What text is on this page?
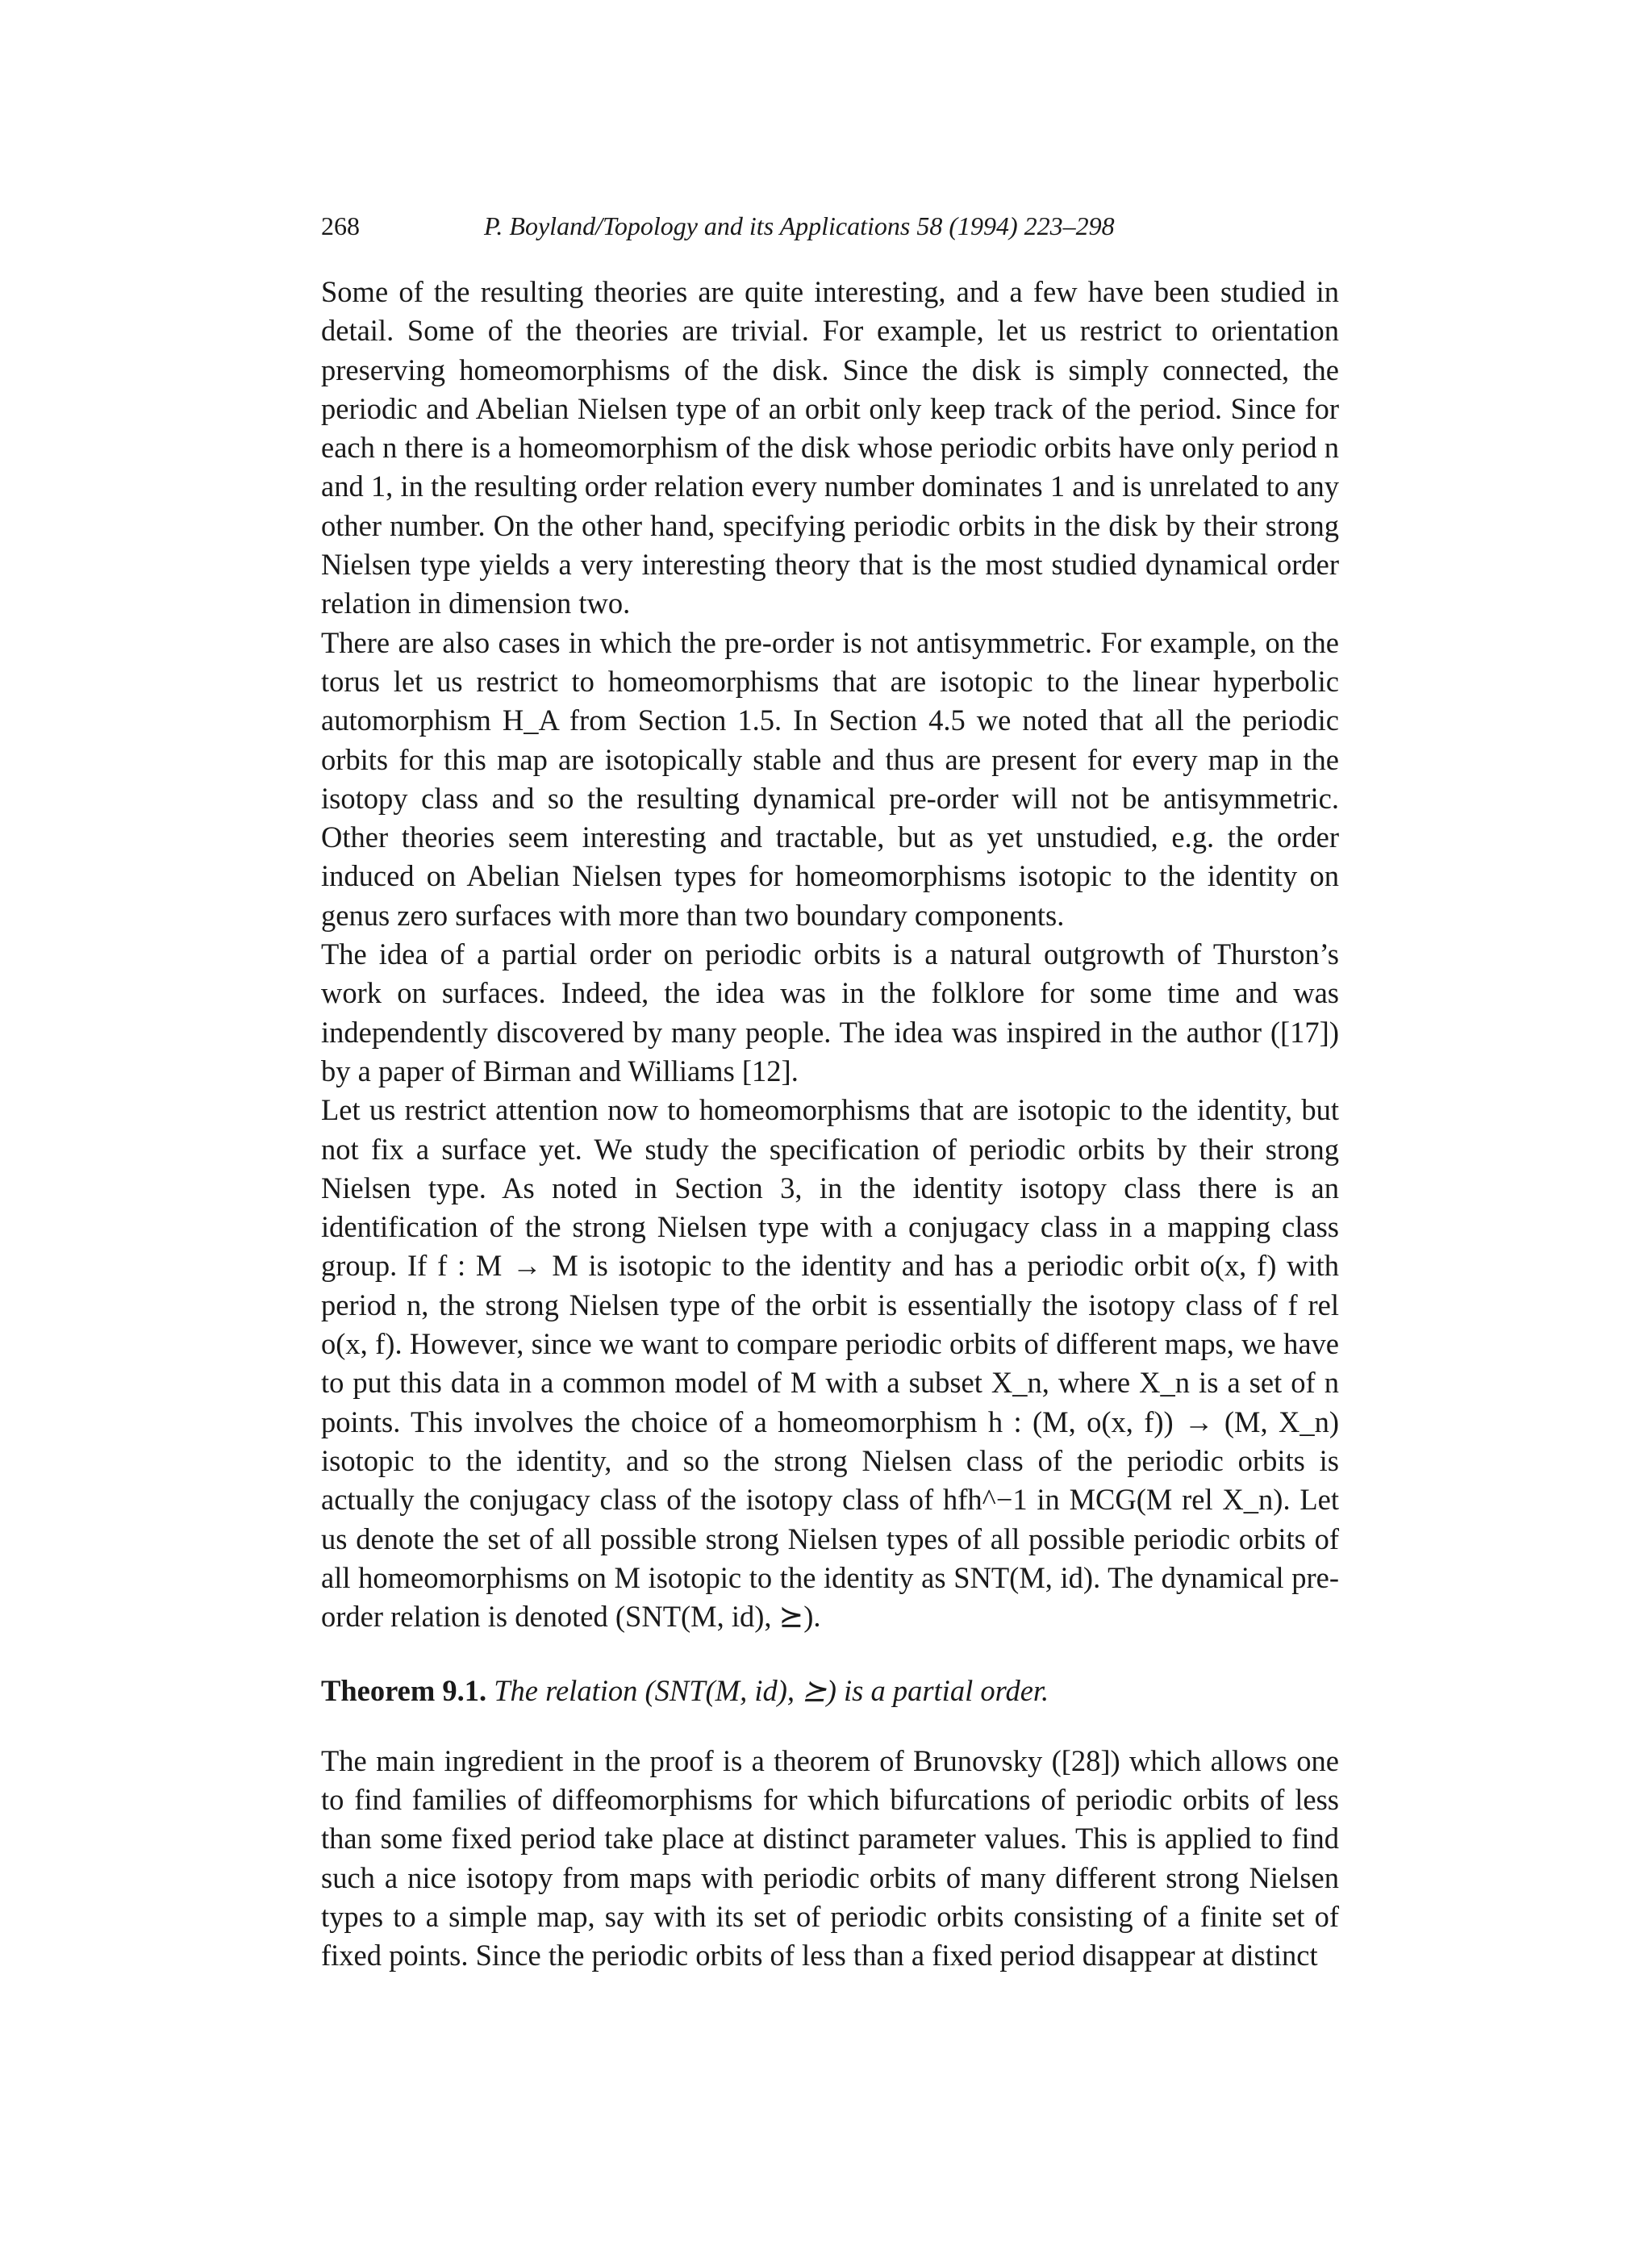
268	P. Boyland/Topology and its Applications 58 (1994) 223–298

Some of the resulting theories are quite interesting, and a few have been studied in detail. Some of the theories are trivial. For example, let us restrict to orientation preserving homeomorphisms of the disk. Since the disk is simply connected, the periodic and Abelian Nielsen type of an orbit only keep track of the period. Since for each n there is a homeomorphism of the disk whose periodic orbits have only period n and 1, in the resulting order relation every number dominates 1 and is unrelated to any other number. On the other hand, specifying periodic orbits in the disk by their strong Nielsen type yields a very interesting theory that is the most studied dynamical order relation in dimension two.

There are also cases in which the pre-order is not antisymmetric. For example, on the torus let us restrict to homeomorphisms that are isotopic to the linear hyperbolic automorphism H_A from Section 1.5. In Section 4.5 we noted that all the periodic orbits for this map are isotopically stable and thus are present for every map in the isotopy class and so the resulting dynamical pre-order will not be antisymmetric. Other theories seem interesting and tractable, but as yet unstudied, e.g. the order induced on Abelian Nielsen types for homeomorphisms isotopic to the identity on genus zero surfaces with more than two boundary components.

The idea of a partial order on periodic orbits is a natural outgrowth of Thurston’s work on surfaces. Indeed, the idea was in the folklore for some time and was independently discovered by many people. The idea was inspired in the author ([17]) by a paper of Birman and Williams [12].

Let us restrict attention now to homeomorphisms that are isotopic to the identity, but not fix a surface yet. We study the specification of periodic orbits by their strong Nielsen type. As noted in Section 3, in the identity isotopy class there is an identification of the strong Nielsen type with a conjugacy class in a mapping class group. If f : M → M is isotopic to the identity and has a periodic orbit o(x, f) with period n, the strong Nielsen type of the orbit is essentially the isotopy class of f rel o(x, f). However, since we want to compare periodic orbits of different maps, we have to put this data in a common model of M with a subset X_n, where X_n is a set of n points. This involves the choice of a homeomorphism h : (M, o(x, f)) → (M, X_n) isotopic to the identity, and so the strong Nielsen class of the periodic orbits is actually the conjugacy class of the isotopy class of hfh^−1 in MCG(M rel X_n). Let us denote the set of all possible strong Nielsen types of all possible periodic orbits of all homeomorphisms on M isotopic to the identity as SNT(M, id). The dynamical pre-order relation is denoted (SNT(M, id), ⪰).

Theorem 9.1. The relation (SNT(M, id), ⪰) is a partial order.

The main ingredient in the proof is a theorem of Brunovsky ([28]) which allows one to find families of diffeomorphisms for which bifurcations of periodic orbits of less than some fixed period take place at distinct parameter values. This is applied to find such a nice isotopy from maps with periodic orbits of many different strong Nielsen types to a simple map, say with its set of periodic orbits consisting of a finite set of fixed points. Since the periodic orbits of less than a fixed period disappear at distinct
